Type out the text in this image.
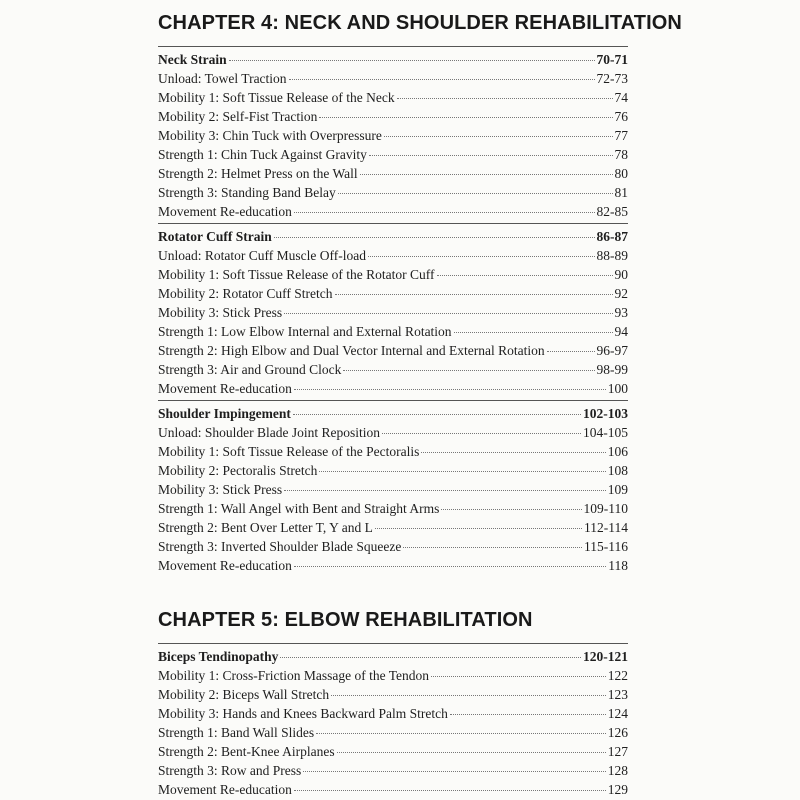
CHAPTER 4: NECK AND SHOULDER REHABILITATION
Neck Strain	70-71
Unload: Towel Traction	72-73
Mobility 1: Soft Tissue Release of the Neck	74
Mobility 2: Self-Fist Traction	76
Mobility 3: Chin Tuck with Overpressure	77
Strength 1: Chin Tuck Against Gravity	78
Strength 2: Helmet Press on the Wall	80
Strength 3: Standing Band Belay	81
Movement Re-education	82-85
Rotator Cuff Strain	86-87
Unload: Rotator Cuff Muscle Off-load	88-89
Mobility 1: Soft Tissue Release of the Rotator Cuff	90
Mobility 2: Rotator Cuff Stretch	92
Mobility 3: Stick Press	93
Strength 1: Low Elbow Internal and External Rotation	94
Strength 2: High Elbow and Dual Vector Internal and External Rotation	96-97
Strength 3: Air and Ground Clock	98-99
Movement Re-education	100
Shoulder Impingement	102-103
Unload: Shoulder Blade Joint Reposition	104-105
Mobility 1: Soft Tissue Release of the Pectoralis	106
Mobility 2: Pectoralis Stretch	108
Mobility 3: Stick Press	109
Strength 1: Wall Angel with Bent and Straight Arms	109-110
Strength 2: Bent Over Letter T, Y and L	112-114
Strength 3: Inverted Shoulder Blade Squeeze	115-116
Movement Re-education	118
CHAPTER 5: ELBOW REHABILITATION
Biceps Tendinopathy	120-121
Mobility 1: Cross-Friction Massage of the Tendon	122
Mobility 2: Biceps Wall Stretch	123
Mobility 3: Hands and Knees Backward Palm Stretch	124
Strength 1: Band Wall Slides	126
Strength 2: Bent-Knee Airplanes	127
Strength 3: Row and Press	128
Movement Re-education	129
